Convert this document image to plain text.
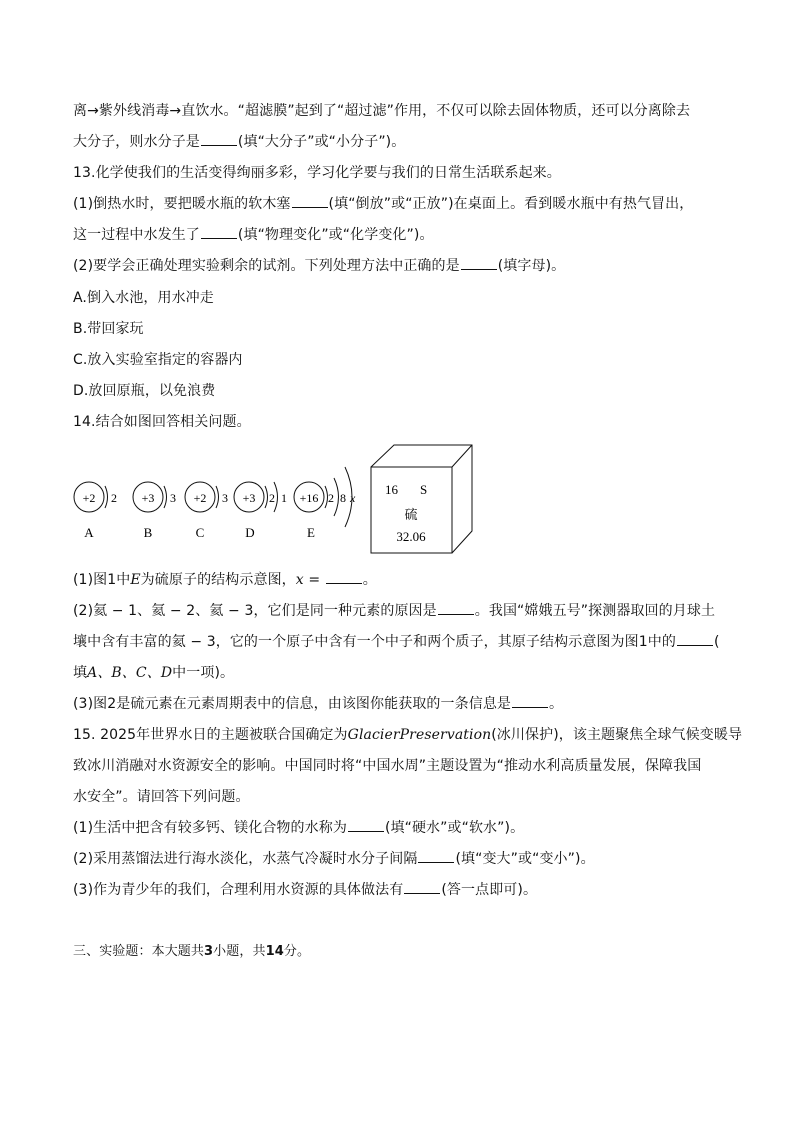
离→紫外线消毒→直饮水。“超滤膜”起到了“超过滤”作用，不仅可以除去固体物质，还可以分离除去
大分子，则水分子是	(填“大分子”或“小分子”)。
13.化学使我们的生活变得绚丽多彩，学习化学要与我们的日常生活联系起来。
(1)倒热水时，要把暖水瓶的软木塞	(填“倒放”或“正放”)在桌面上。看到暖水瓶中有热气冒出，
这一过程中水发生了	(填“物理变化”或“化学变化”)。
(2)要学会正确处理实验剩余的试剂。下列处理方法中正确的是	(填字母)。
A.倒入水池，用水冲走
B.带回家玩
C.放入实验室指定的容器内
D.放回原瓶，以免浪费
14.结合如图回答相关问题。
+2 2
A
+3 3
B
+2 3
C
+3 2 1
D
+16 2 8 x
E
16 S
硫
32.06
(1)图1中E为硫原子的结构示意图，x =	。
(2)氦 − 1、氦 − 2、氦 − 3，它们是同一种元素的原因是	。我国“嫦娥五号”探测器取回的月球土
壤中含有丰富的氦 − 3，它的一个原子中含有一个中子和两个质子，其原子结构示意图为图1中的	(
填A、B、C、D中一项)。
(3)图2是硫元素在元素周期表中的信息，由该图你能获取的一条信息是	。
15. 2025年世界水日的主题被联合国确定为GlacierPreservation(冰川保护)，该主题聚焦全球气候变暖导
致冰川消融对水资源安全的影响。中国同时将“中国水周”主题设置为“推动水利高质量发展，保障我国
水安全”。请回答下列问题。
(1)生活中把含有较多钙、镁化合物的水称为	(填“硬水”或“软水”)。
(2)采用蒸馏法进行海水淡化，水蒸气冷凝时水分子间隔	(填“变大”或“变小”)。
(3)作为青少年的我们，合理利用水资源的具体做法有	(答一点即可)。
三、实验题：本大题共3小题，共14分。
